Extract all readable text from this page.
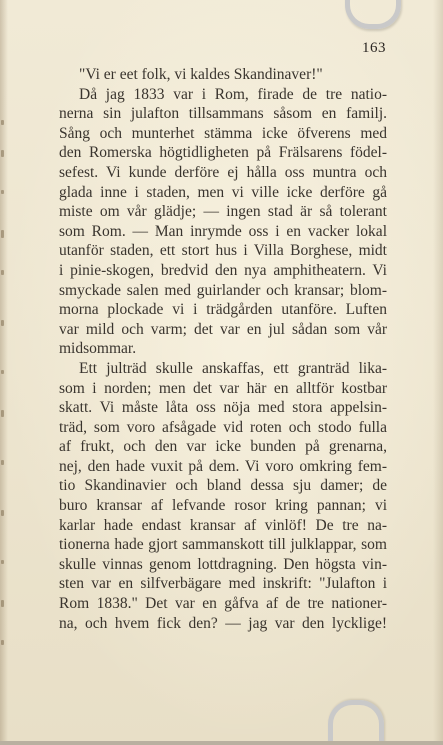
163
"Vi er eet folk, vi kaldes Skandinaver!"
Då jag 1833 var i Rom, firade de tre natio-
nerna sin julafton tillsammans såsom en familj.
Sång och munterhet stämma icke öfverens med
den Romerska högtidligheten på Frälsarens födel-
sefest. Vi kunde derföre ej hålla oss muntra och
glada inne i staden, men vi ville icke derföre gå
miste om vår glädje; — ingen stad är så tolerant
som Rom. — Man inrymde oss i en vacker lokal
utanför staden, ett stort hus i Villa Borghese, midt
i pinie-skogen, bredvid den nya amphitheatern. Vi
smyckade salen med guirlander och kransar; blom-
morna plockade vi i trädgården utanföre. Luften
var mild och varm; det var en jul sådan som vår
midsommar.
Ett julträd skulle anskaffas, ett granträd lika-
som i norden; men det var här en alltför kostbar
skatt. Vi måste låta oss nöja med stora appelsin-
träd, som voro afsågade vid roten och stodo fulla
af frukt, och den var icke bunden på grenarna,
nej, den hade vuxit på dem. Vi voro omkring fem-
tio Skandinavier och bland dessa sju damer; de
buro kransar af lefvande rosor kring pannan; vi
karlar hade endast kransar af vinlöf! De tre na-
tionerna hade gjort sammanskott till julklappar, som
skulle vinnas genom lottdragning. Den högsta vin-
sten var en silfverbägare med inskrift: "Julafton i
Rom 1838." Det var en gåfva af de tre nationer-
na, och hvem fick den? — jag var den lycklige!
